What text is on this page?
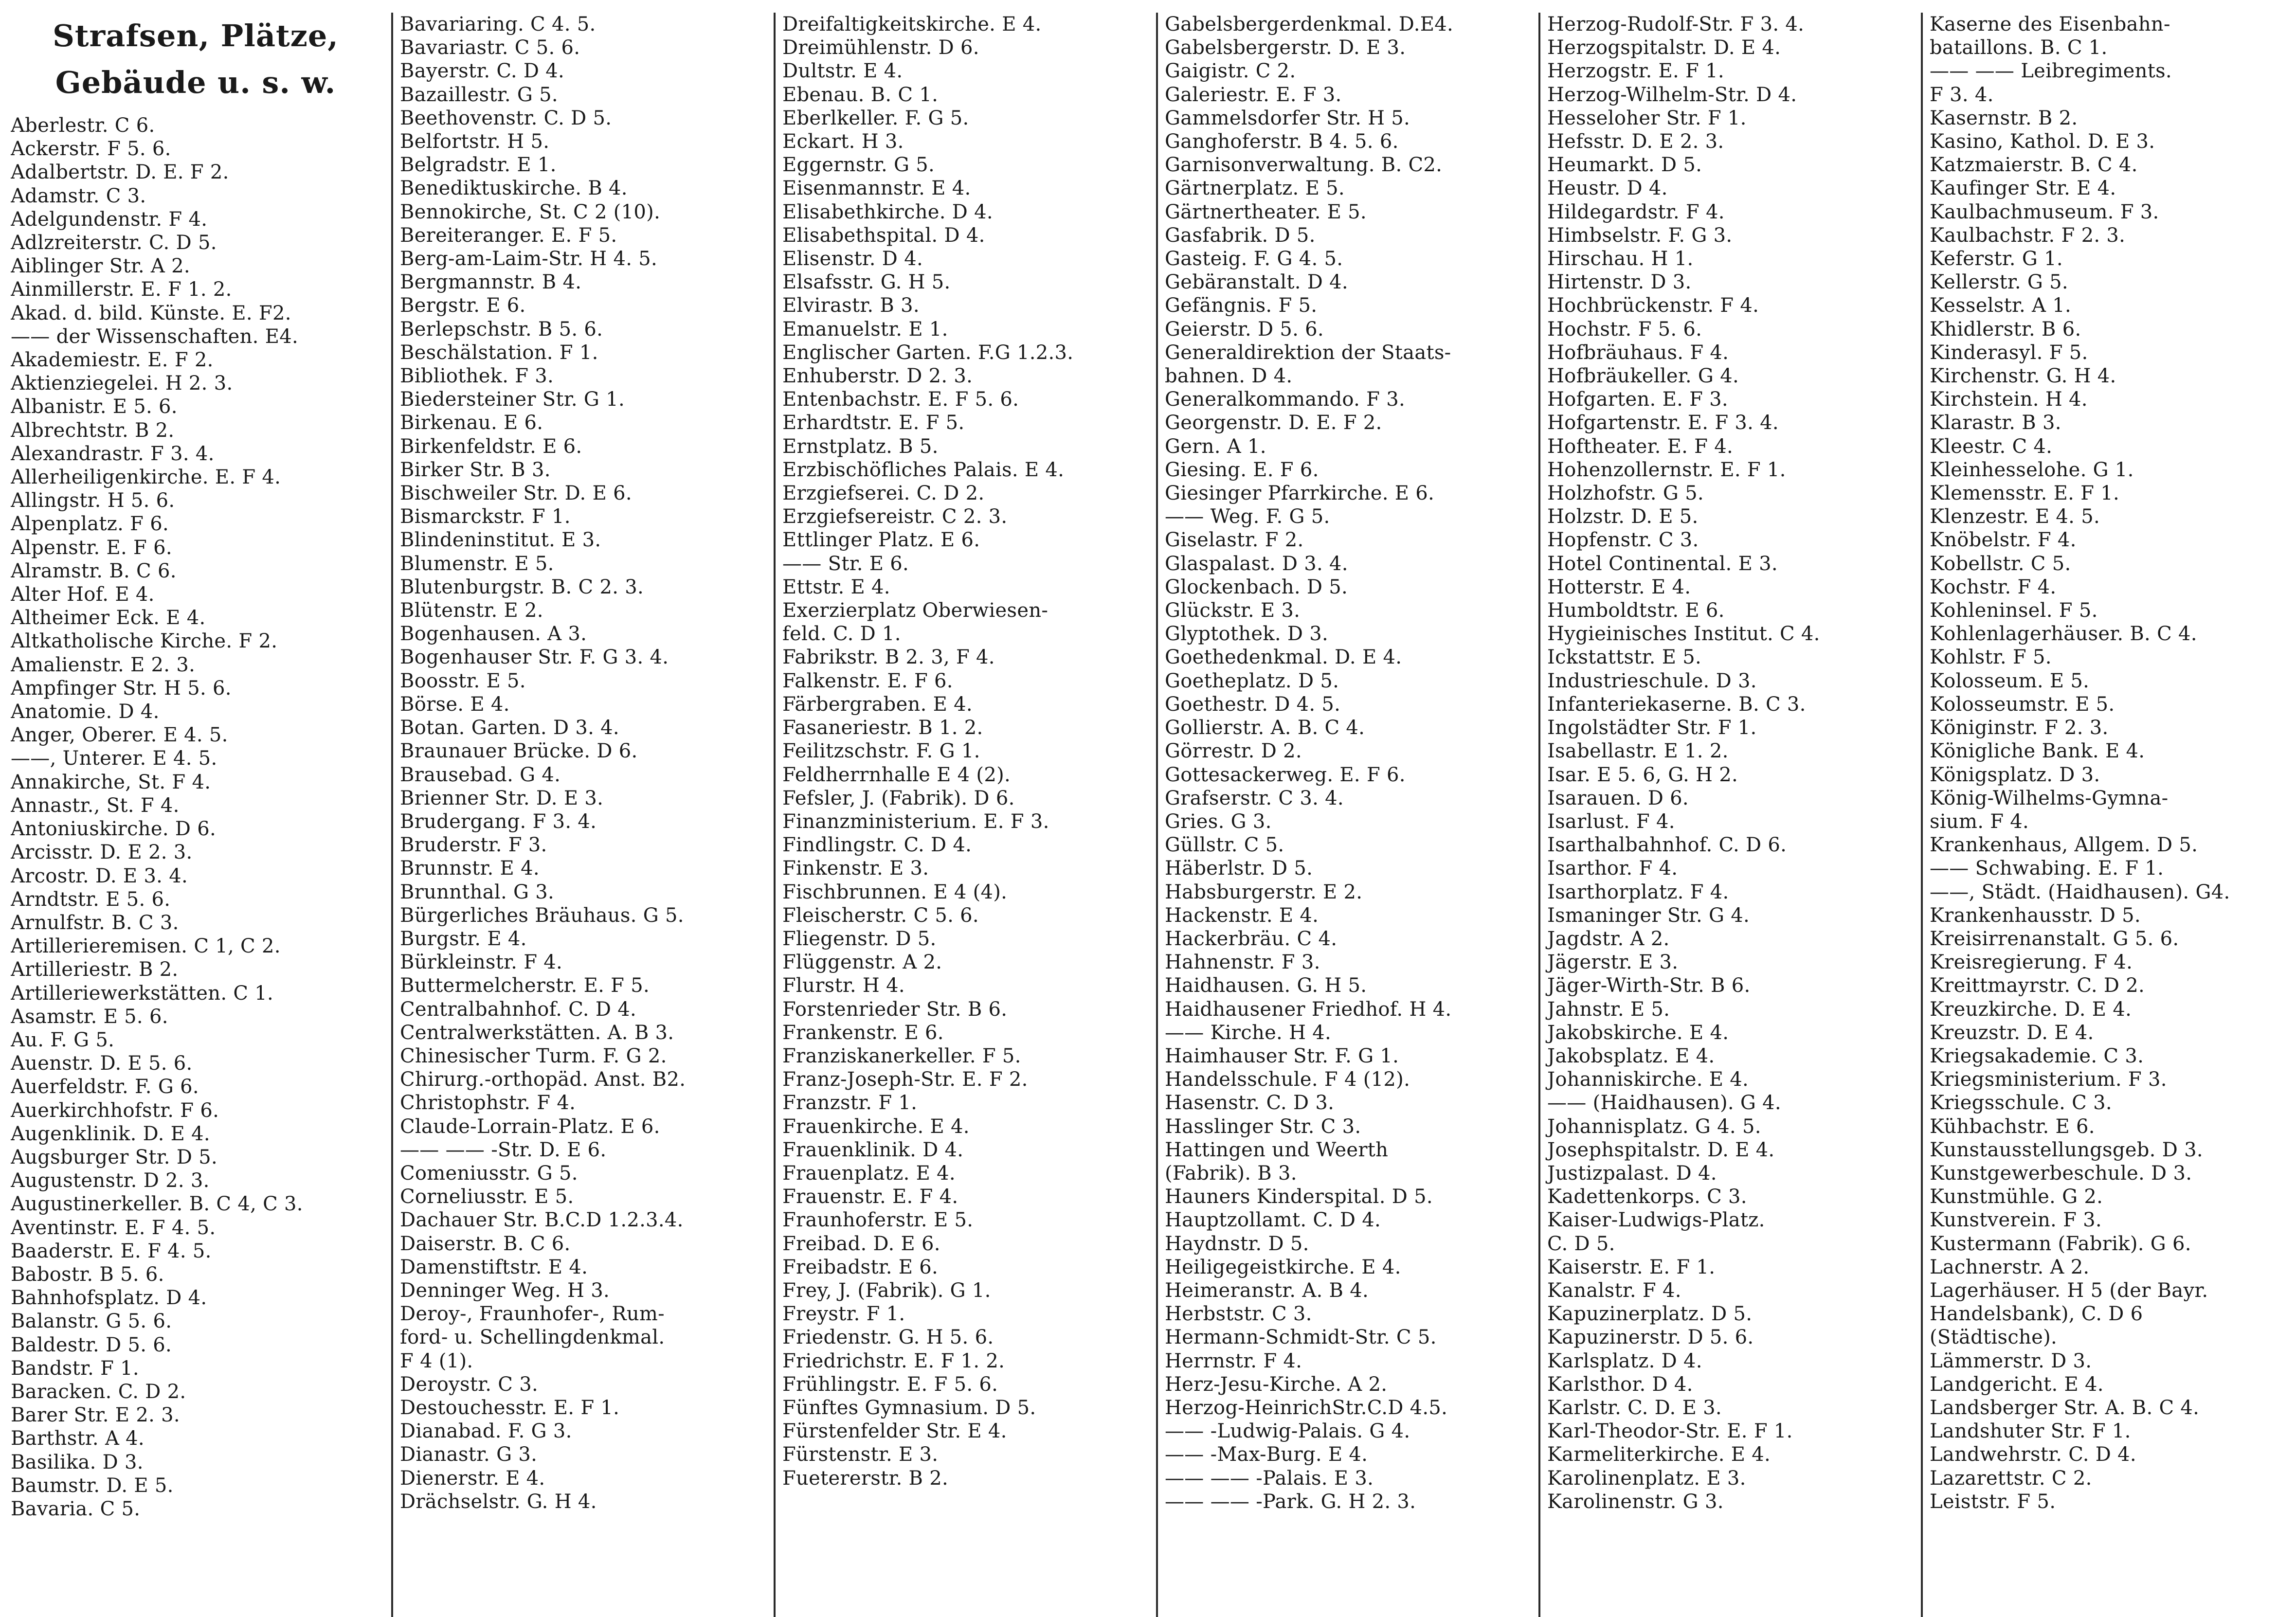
Strafsen, Plätze,
Gebäude u. s. w.
Aberlestr. C 6.
Ackerstr. F 5. 6.
Adalbertstr. D. E. F 2.
Adamstr. C 3.
Adelgundenstr. F 4.
Adlzreiterstr. C. D 5.
Aiblinger Str. A 2.
Ainmillerstr. E. F 1. 2.
Akad. d. bild. Künste. E. F2.
—— der Wissenschaften. E4.
Akademiestr. E. F 2.
Aktienziegelei. H 2. 3.
Albanistr. E 5. 6.
Albrechtstr. B 2.
Alexandrastr. F 3. 4.
Allerheiligenkirche. E. F 4.
Allingstr. H 5. 6.
Alpenplatz. F 6.
Alpenstr. E. F 6.
Alramstr. B. C 6.
Alter Hof. E 4.
Altheimer Eck. E 4.
Altkatholische Kirche. F 2.
Amalienstr. E 2. 3.
Ampfinger Str. H 5. 6.
Anatomie. D 4.
Anger, Oberer. E 4. 5.
——, Unterer. E 4. 5.
Annakirche, St. F 4.
Annastr., St. F 4.
Antoniuskirche. D 6.
Arcisstr. D. E 2. 3.
Arcostr. D. E 3. 4.
Arndtstr. E 5. 6.
Arnulfstr. B. C 3.
Artillerieremisen. C 1, C 2.
Artilleriestr. B 2.
Artilleriewerkstätten. C 1.
Asamstr. E 5. 6.
Au. F. G 5.
Auenstr. D. E 5. 6.
Auerfeldstr. F. G 6.
Auerkirchhofstr. F 6.
Augenklinik. D. E 4.
Augsburger Str. D 5.
Augustenstr. D 2. 3.
Augustinerkeller. B. C 4, C 3.
Aventinstr. E. F 4. 5.
Baaderstr. E. F 4. 5.
Babostr. B 5. 6.
Bahnhofsplatz. D 4.
Balanstr. G 5. 6.
Baldestr. D 5. 6.
Bandstr. F 1.
Baracken. C. D 2.
Barer Str. E 2. 3.
Barthstr. A 4.
Basilika. D 3.
Baumstr. D. E 5.
Bavaria. C 5.
Bavariaring. C 4. 5.
Bavariastr. C 5. 6.
Bayerstr. C. D 4.
Bazaillestr. G 5.
Beethovenstr. C. D 5.
Belfortstr. H 5.
Belgradstr. E 1.
Benediktuskirche. B 4.
Bennokirche, St. C 2 (10).
Bereiteranger. E. F 5.
Berg-am-Laim-Str. H 4. 5.
Bergmannstr. B 4.
Bergstr. E 6.
Berlepschstr. B 5. 6.
Beschälstation. F 1.
Bibliothek. F 3.
Biedersteiner Str. G 1.
Birkenau. E 6.
Birkenfeldstr. E 6.
Birker Str. B 3.
Bischweiler Str. D. E 6.
Bismarckstr. F 1.
Blindeninstitut. E 3.
Blumenstr. E 5.
Blutenburgstr. B. C 2. 3.
Blütenstr. E 2.
Bogenhausen. A 3.
Bogenhauser Str. F. G 3. 4.
Boosstr. E 5.
Börse. E 4.
Botan. Garten. D 3. 4.
Braunauer Brücke. D 6.
Brausebad. G 4.
Brienner Str. D. E 3.
Brudergang. F 3. 4.
Bruderstr. F 3.
Brunnstr. E 4.
Brunnthal. G 3.
Bürgerliches Bräuhaus. G 5.
Burgstr. E 4.
Bürkleinstr. F 4.
Buttermelcherstr. E. F 5.
Centralbahnhof. C. D 4.
Centralwerkstätten. A. B 3.
Chinesischer Turm. F. G 2.
Chirurg.-orthopäd. Anst. B2.
Christophstr. F 4.
Claude-Lorrain-Platz. E 6.
—— —— -Str. D. E 6.
Comeniusstr. G 5.
Corneliusstr. E 5.
Dachauer Str. B.C.D 1.2.3.4.
Daiserstr. B. C 6.
Damenstiftstr. E 4.
Denninger Weg. H 3.
Deroy-, Fraunhofer-, Rum-
ford- u. Schellingdenkmal.
F 4 (1).
Deroystr. C 3.
Destouchesstr. E. F 1.
Dianabad. F. G 3.
Dianastr. G 3.
Dienerstr. E 4.
Drächselstr. G. H 4.
Dreifaltigkeitskirche. E 4.
Dreimühlenstr. D 6.
Dultstr. E 4.
Ebenau. B. C 1.
Eberlkeller. F. G 5.
Eckart. H 3.
Eggernstr. G 5.
Eisenmannstr. E 4.
Elisabethkirche. D 4.
Elisabethspital. D 4.
Elisenstr. D 4.
Elsafsstr. G. H 5.
Elvirastr. B 3.
Emanuelstr. E 1.
Englischer Garten. F.G 1.2.3.
Enhuberstr. D 2. 3.
Entenbachstr. E. F 5. 6.
Erhardtstr. E. F 5.
Ernstplatz. B 5.
Erzbischöfliches Palais. E 4.
Erzgiefserei. C. D 2.
Erzgiefsereistr. C 2. 3.
Ettlinger Platz. E 6.
—— Str. E 6.
Ettstr. E 4.
Exerzierplatz Oberwiesen-
feld. C. D 1.
Fabrikstr. B 2. 3, F 4.
Falkenstr. E. F 6.
Färbergraben. E 4.
Fasaneriestr. B 1. 2.
Feilitzschstr. F. G 1.
Feldherrnhalle E 4 (2).
Fefsler, J. (Fabrik). D 6.
Finanzministerium. E. F 3.
Findlingstr. C. D 4.
Finkenstr. E 3.
Fischbrunnen. E 4 (4).
Fleischerstr. C 5. 6.
Fliegenstr. D 5.
Flüggenstr. A 2.
Flurstr. H 4.
Forstenrieder Str. B 6.
Frankenstr. E 6.
Franziskanerkeller. F 5.
Franz-Joseph-Str. E. F 2.
Franzstr. F 1.
Frauenkirche. E 4.
Frauenklinik. D 4.
Frauenplatz. E 4.
Frauenstr. E. F 4.
Fraunhoferstr. E 5.
Freibad. D. E 6.
Freibadstr. E 6.
Frey, J. (Fabrik). G 1.
Freystr. F 1.
Friedenstr. G. H 5. 6.
Friedrichstr. E. F 1. 2.
Frühlingstr. E. F 5. 6.
Fünftes Gymnasium. D 5.
Fürstenfelder Str. E 4.
Fürstenstr. E 3.
Fuetererstr. B 2.
Gabelsbergerdenkmal. D.E4.
Gabelsbergerstr. D. E 3.
Gaigistr. C 2.
Galeriestr. E. F 3.
Gammelsdorfer Str. H 5.
Ganghoferstr. B 4. 5. 6.
Garnisonverwaltung. B. C2.
Gärtnerplatz. E 5.
Gärtnertheater. E 5.
Gasfabrik. D 5.
Gasteig. F. G 4. 5.
Gebäranstalt. D 4.
Gefängnis. F 5.
Geierstr. D 5. 6.
Generaldirektion der Staats-
bahnen. D 4.
Generalkommando. F 3.
Georgenstr. D. E. F 2.
Gern. A 1.
Giesing. E. F 6.
Giesinger Pfarrkirche. E 6.
—— Weg. F. G 5.
Giselastr. F 2.
Glaspalast. D 3. 4.
Glockenbach. D 5.
Glückstr. E 3.
Glyptothek. D 3.
Goethedenkmal. D. E 4.
Goetheplatz. D 5.
Goethestr. D 4. 5.
Gollierstr. A. B. C 4.
Görrestr. D 2.
Gottesackerweg. E. F 6.
Grafserstr. C 3. 4.
Gries. G 3.
Güllstr. C 5.
Häberlstr. D 5.
Habsburgerstr. E 2.
Hackenstr. E 4.
Hackerbräu. C 4.
Hahnenstr. F 3.
Haidhausen. G. H 5.
Haidhausener Friedhof. H 4.
—— Kirche. H 4.
Haimhauser Str. F. G 1.
Handelsschule. F 4 (12).
Hasenstr. C. D 3.
Hasslinger Str. C 3.
Hattingen und Weerth
(Fabrik). B 3.
Hauners Kinderspital. D 5.
Hauptzollamt. C. D 4.
Haydnstr. D 5.
Heiligegeistkirche. E 4.
Heimeranstr. A. B 4.
Herbststr. C 3.
Hermann-Schmidt-Str. C 5.
Herrnstr. F 4.
Herz-Jesu-Kirche. A 2.
Herzog-HeinrichStr.C.D 4.5.
—— -Ludwig-Palais. G 4.
—— -Max-Burg. E 4.
—— —— -Palais. E 3.
—— —— -Park. G. H 2. 3.
Herzog-Rudolf-Str. F 3. 4.
Herzogspitalstr. D. E 4.
Herzogstr. E. F 1.
Herzog-Wilhelm-Str. D 4.
Hesseloher Str. F 1.
Hefsstr. D. E 2. 3.
Heumarkt. D 5.
Heustr. D 4.
Hildegardstr. F 4.
Himbselstr. F. G 3.
Hirschau. H 1.
Hirtenstr. D 3.
Hochbrückenstr. F 4.
Hochstr. F 5. 6.
Hofbräuhaus. F 4.
Hofbräukeller. G 4.
Hofgarten. E. F 3.
Hofgartenstr. E. F 3. 4.
Hoftheater. E. F 4.
Hohenzollernstr. E. F 1.
Holzhofstr. G 5.
Holzstr. D. E 5.
Hopfenstr. C 3.
Hotel Continental. E 3.
Hotterstr. E 4.
Humboldtstr. E 6.
Hygieinisches Institut. C 4.
Ickstattstr. E 5.
Industrieschule. D 3.
Infanteriekaserne. B. C 3.
Ingolstädter Str. F 1.
Isabellastr. E 1. 2.
Isar. E 5. 6, G. H 2.
Isarauen. D 6.
Isarlust. F 4.
Isarthalbahnhof. C. D 6.
Isarthor. F 4.
Isarthorplatz. F 4.
Ismaninger Str. G 4.
Jagdstr. A 2.
Jägerstr. E 3.
Jäger-Wirth-Str. B 6.
Jahnstr. E 5.
Jakobskirche. E 4.
Jakobsplatz. E 4.
Johanniskirche. E 4.
—— (Haidhausen). G 4.
Johannisplatz. G 4. 5.
Josephspitalstr. D. E 4.
Justizpalast. D 4.
Kadettenkorps. C 3.
Kaiser-Ludwigs-Platz.
C. D 5.
Kaiserstr. E. F 1.
Kanalstr. F 4.
Kapuzinerplatz. D 5.
Kapuzinerstr. D 5. 6.
Karlsplatz. D 4.
Karlsthor. D 4.
Karlstr. C. D. E 3.
Karl-Theodor-Str. E. F 1.
Karmeliterkirche. E 4.
Karolinenplatz. E 3.
Karolinenstr. G 3.
Kaserne des Eisenbahn-
bataillons. B. C 1.
—— —— Leibregiments.
F 3. 4.
Kasernstr. B 2.
Kasino, Kathol. D. E 3.
Katzmaierstr. B. C 4.
Kaufinger Str. E 4.
Kaulbachmuseum. F 3.
Kaulbachstr. F 2. 3.
Keferstr. G 1.
Kellerstr. G 5.
Kesselstr. A 1.
Khidlerstr. B 6.
Kinderasyl. F 5.
Kirchenstr. G. H 4.
Kirchstein. H 4.
Klarastr. B 3.
Kleestr. C 4.
Kleinhesselohe. G 1.
Klemensstr. E. F 1.
Klenzestr. E 4. 5.
Knöbelstr. F 4.
Kobellstr. C 5.
Kochstr. F 4.
Kohleninsel. F 5.
Kohlenlagerhäuser. B. C 4.
Kohlstr. F 5.
Kolosseum. E 5.
Kolosseumstr. E 5.
Königinstr. F 2. 3.
Königliche Bank. E 4.
Königsplatz. D 3.
König-Wilhelms-Gymna-
sium. F 4.
Krankenhaus, Allgem. D 5.
—— Schwabing. E. F 1.
——, Städt. (Haidhausen). G4.
Krankenhausstr. D 5.
Kreisirrenanstalt. G 5. 6.
Kreisregierung. F 4.
Kreittmayrstr. C. D 2.
Kreuzkirche. D. E 4.
Kreuzstr. D. E 4.
Kriegsakademie. C 3.
Kriegsministerium. F 3.
Kriegsschule. C 3.
Kühbachstr. E 6.
Kunstausstellungsgeb. D 3.
Kunstgewerbeschule. D 3.
Kunstmühle. G 2.
Kunstverein. F 3.
Kustermann (Fabrik). G 6.
Lachnerstr. A 2.
Lagerhäuser. H 5 (der Bayr.
Handelsbank), C. D 6
(Städtische).
Lämmerstr. D 3.
Landgericht. E 4.
Landsberger Str. A. B. C 4.
Landshuter Str. F 1.
Landwehrstr. C. D 4.
Lazarettstr. C 2.
Leiststr. F 5.
